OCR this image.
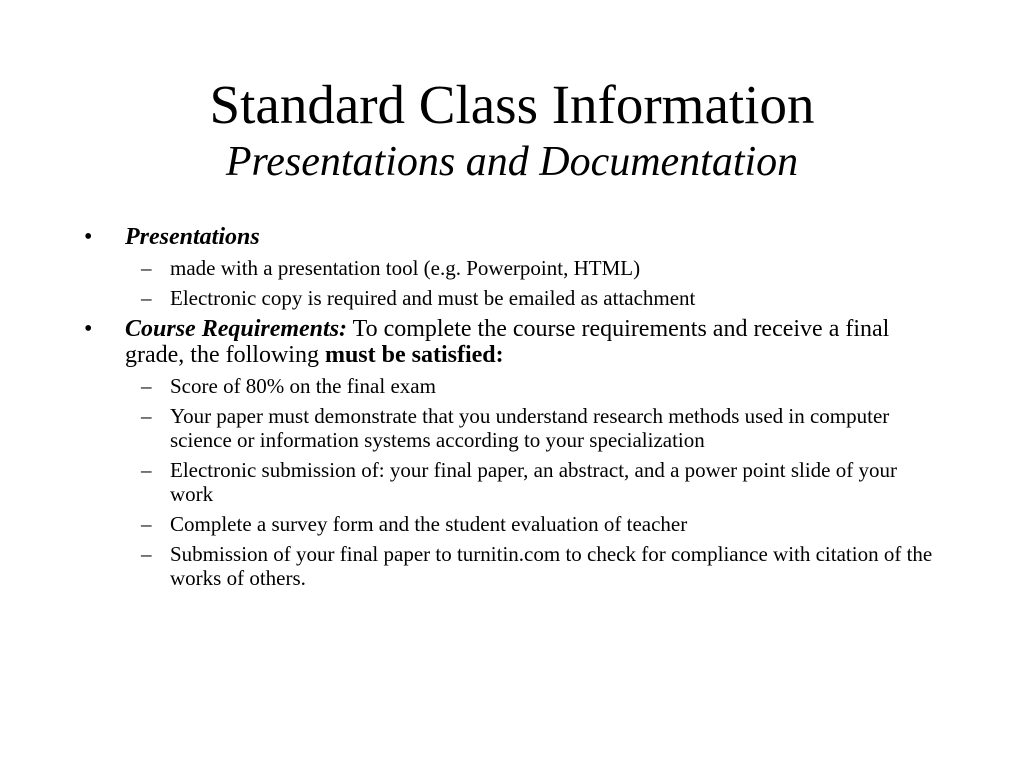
Standard Class Information
Presentations and Documentation
• Presentations
– made with a presentation tool (e.g. Powerpoint, HTML)
– Electronic copy is required and must be emailed as attachment
• Course Requirements: To complete the course requirements and receive a final grade, the following must be satisfied:
– Score of 80% on the final exam
– Your paper must demonstrate that you understand research methods used in computer science or information systems according to your specialization
– Electronic submission of: your final paper, an abstract, and a power point slide of your work
– Complete a survey form and the student evaluation of teacher
– Submission of your final paper to turnitin.com to check for compliance with citation of the works of others.
